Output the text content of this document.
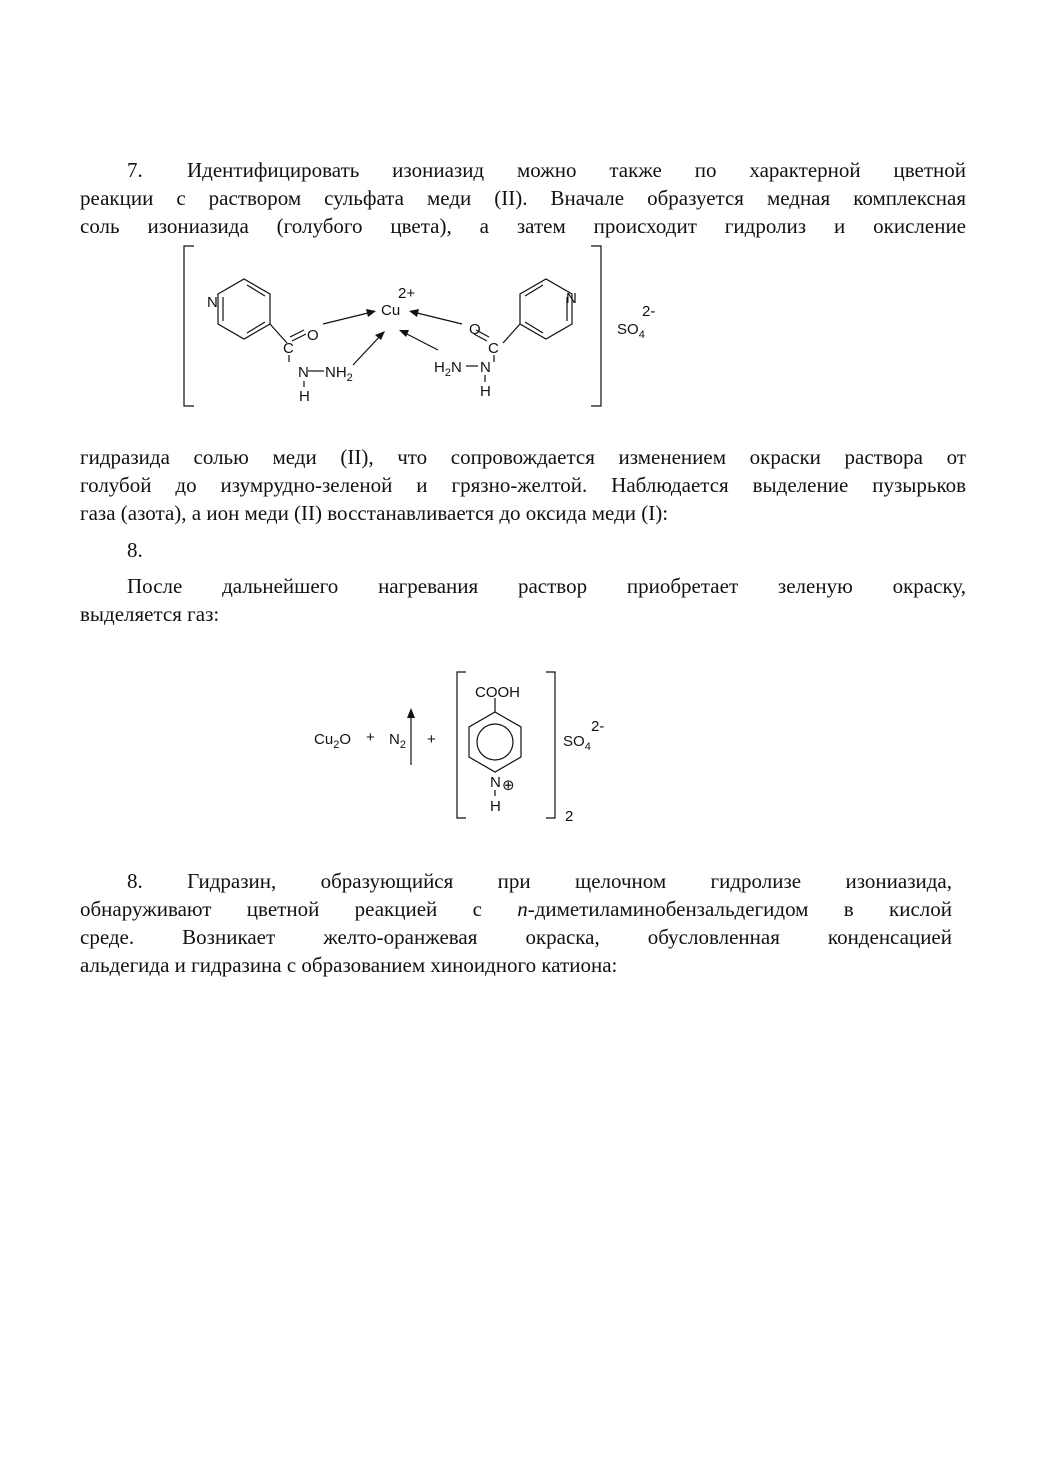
7. Идентифицировать изониазид можно также по характерной цветной
реакции с раствором сульфата меди (II). Вначале образуется медная комплексная
соль изониазида (голубого цвета), а затем происходит гидролиз и окисление
N	N
Cu
2+
O
C
N $NH_2$
H
O
C
$H_2N$ N
H
$SO_4$
2-
гидразида солью меди (II), что сопровождается изменением окраски раствора от
голубой до изумрудно-зеленой и грязно-желтой. Наблюдается выделение пузырьков
газа (азота), а ион меди (II) восстанавливается до оксида меди (I):
8.
После дальнейшего нагревания раствор приобретает зеленую окраску,
выделяется газ:
$Cu_2O + N_2$ +
COOH
N ⊕
H
$SO_4$
2-
2
8. Гидразин, образующийся при щелочном гидролизе изониазида,
обнаруживают цветной реакцией с п-диметиламинобензальдегидом в кислой
среде. Возникает желто-оранжевая окраска, обусловленная конденсацией
альдегида и гидразина с образованием хиноидного катиона:
